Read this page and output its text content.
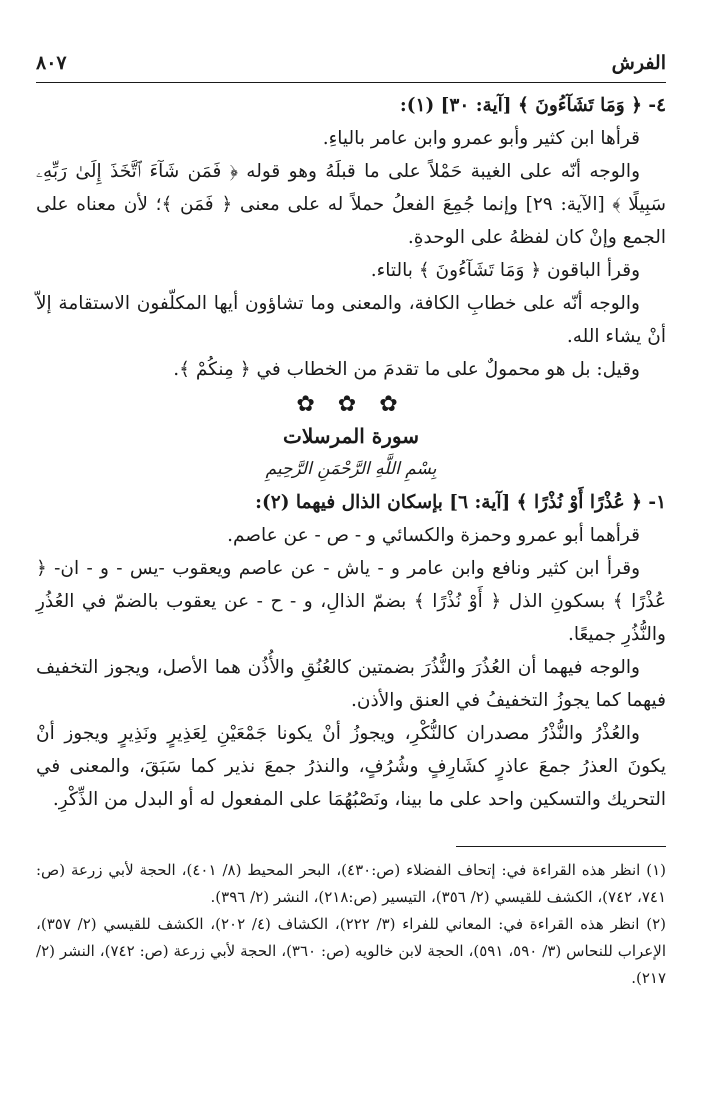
الفرش
٨٠٧

٤- ﴿ وَمَا تَشَآءُونَ ﴾ [آية: ٣٠] (١):

قرأها ابن كثير وأبو عمرو وابن عامر بالياءِ.

والوجه أنّه على الغيبة حَمْلاً على ما قبلَهُ وهو قوله ﴿ فَمَن شَآءَ ٱتَّخَذَ إِلَىٰ رَبِّهِۦ سَبِيلًا ﴾ [الآية: ٢٩] وإنما جُمِعَ الفعلُ حملاً له على معنى ﴿ فَمَن ﴾؛ لأن معناه على الجمع وإنْ كان لفظهُ على الوحدةِ.

وقرأ الباقون ﴿ وَمَا تَشَآءُونَ ﴾ بالتاء.

والوجه أنّه على خطابِ الكافة، والمعنى وما تشاؤون أيها المكلّفون الاستقامة إلاّ أنْ يشاء الله.

وقيل: بل هو محمولٌ على ما تقدمَ من الخطاب في ﴿ مِنكُمْ ﴾.

✿ ✿ ✿
سورة المرسلات
بِسْمِ اللَّهِ الرَّحْمَنِ الرَّحِيمِ

١- ﴿ عُذْرًا أَوْ نُذْرًا ﴾ [آية: ٦] بإسكان الذال فيهما (٢):

قرأهما أبو عمرو وحمزة والكسائي و - ص - عن عاصم.

وقرأ ابن كثير ونافع وابن عامر و - ياش - عن عاصم ويعقوب -يس - و - ان- ﴿ عُذْرًا ﴾ بسكونِ الذل ﴿ أَوْ نُذْرًا ﴾ بضمّ الذالِ، و - ح - عن يعقوب بالضمّ في العُذُرِ والنُّذُرِ جميعًا.

والوجه فيهما أن العُذُرَ والنُّذُرَ بضمتين كالعُنُقِ والأُذُن هما الأصل، ويجوز التخفيف فيهما كما يجوزُ التخفيفُ في العنق والأذن.

والعُذْرُ والنُّذْرُ مصدران كالنُّكْرِ، ويجوزُ أنْ يكونا جَمْعَيْنِ لِعَذِيرٍ ونَذِيرٍ ويجوز أنْ يكونَ العذرُ جمعَ عاذرٍ كشَارِفٍ وشُرُفٍ، والنذرُ جمعَ نذير كما سَبَقَ، والمعنى في التحريك والتسكين واحد على ما بينا، ونَصْبُهُمَا على المفعول له أو البدل من الذِّكْرِ.

(١) انظر هذه القراءة في: إتحاف الفضلاء (ص:٤٣٠)، البحر المحيط (٨/ ٤٠١)، الحجة لأبي زرعة (ص: ٧٤١، ٧٤٢)، الكشف للقيسي (٢/ ٣٥٦)، التيسير (ص:٢١٨)، النشر (٢/ ٣٩٦).

(٢) انظر هذه القراءة في: المعاني للفراء (٣/ ٢٢٢)، الكشاف (٤/ ٢٠٢)، الكشف للقيسي (٢/ ٣٥٧)، الإعراب للنحاس (٣/ ٥٩٠، ٥٩١)، الحجة لابن خالويه (ص: ٣٦٠)، الحجة لأبي زرعة (ص: ٧٤٢)، النشر (٢/ ٢١٧).
